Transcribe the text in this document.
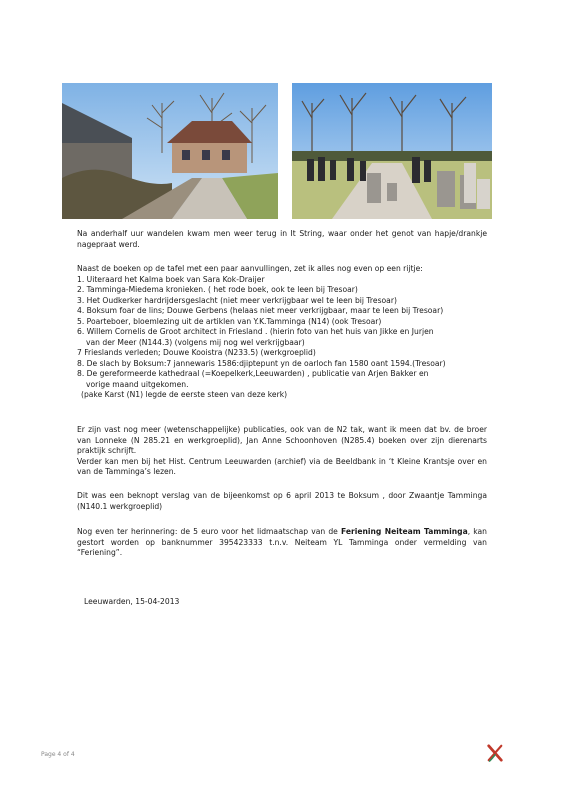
Na anderhalf uur wandelen kwam men weer terug in It String, waar onder het genot van hapje/drankje nagepraat werd.

Naast de boeken op de tafel met een paar aanvullingen, zet ik alles nog even op een rijtje:

1. Uiteraard het Kalma boek van Sara Kok-Draijer
2. Tamminga-Miedema kronieken. ( het rode boek, ook te leen bij Tresoar)
3. Het Oudkerker hardrijdersgeslacht (niet meer verkrijgbaar wel te leen bij Tresoar)
4. Boksum foar de lins; Douwe Gerbens (helaas niet meer verkrijgbaar, maar te leen bij Tresoar)
5. Poarteboer, bloemlezing uit de artiklen van Y.K.Tamminga (N14) (ook Tresoar)
6. Willem Cornelis de Groot architect in Friesland . (hierin foto van het huis van Jikke en Jurjen
van der Meer (N144.3) (volgens mij nog wel verkrijgbaar)
7 Frieslands verleden; Douwe Kooistra (N233.5) (werkgroeplid)
8. De slach by Boksum:7 jannewaris 1586:djiptepunt yn de oarloch fan 1580 oant 1594.(Tresoar)
8. De gereformeerde kathedraal (=Koepelkerk,Leeuwarden) , publicatie van Arjen Bakker en
vorige maand uitgekomen.
(pake Karst (N1) legde de eerste steen van deze kerk)

Er zijn vast nog meer (wetenschappelijke) publicaties, ook van de N2 tak, want ik meen dat bv. de broer van Lonneke (N 285.21 en werkgroeplid), Jan Anne Schoonhoven (N285.4) boeken over zijn dierenarts praktijk schrijft.

Verder kan men bij het Hist. Centrum Leeuwarden (archief) via de Beeldbank in ‘t Kleine Krantsje over en van de Tamminga’s lezen.

Dit was een beknopt verslag van de bijeenkomst op 6 april 2013 te Boksum , door Zwaantje Tamminga (N140.1 werkgroeplid)

Nog even ter herinnering: de 5 euro voor het lidmaatschap van de Feriening Neiteam Tamminga, kan gestort worden op banknummer 395423333 t.n.v. Neiteam YL Tamminga onder vermelding van “Feriening”.

Leeuwarden, 15-04-2013

Page 4 of 4
